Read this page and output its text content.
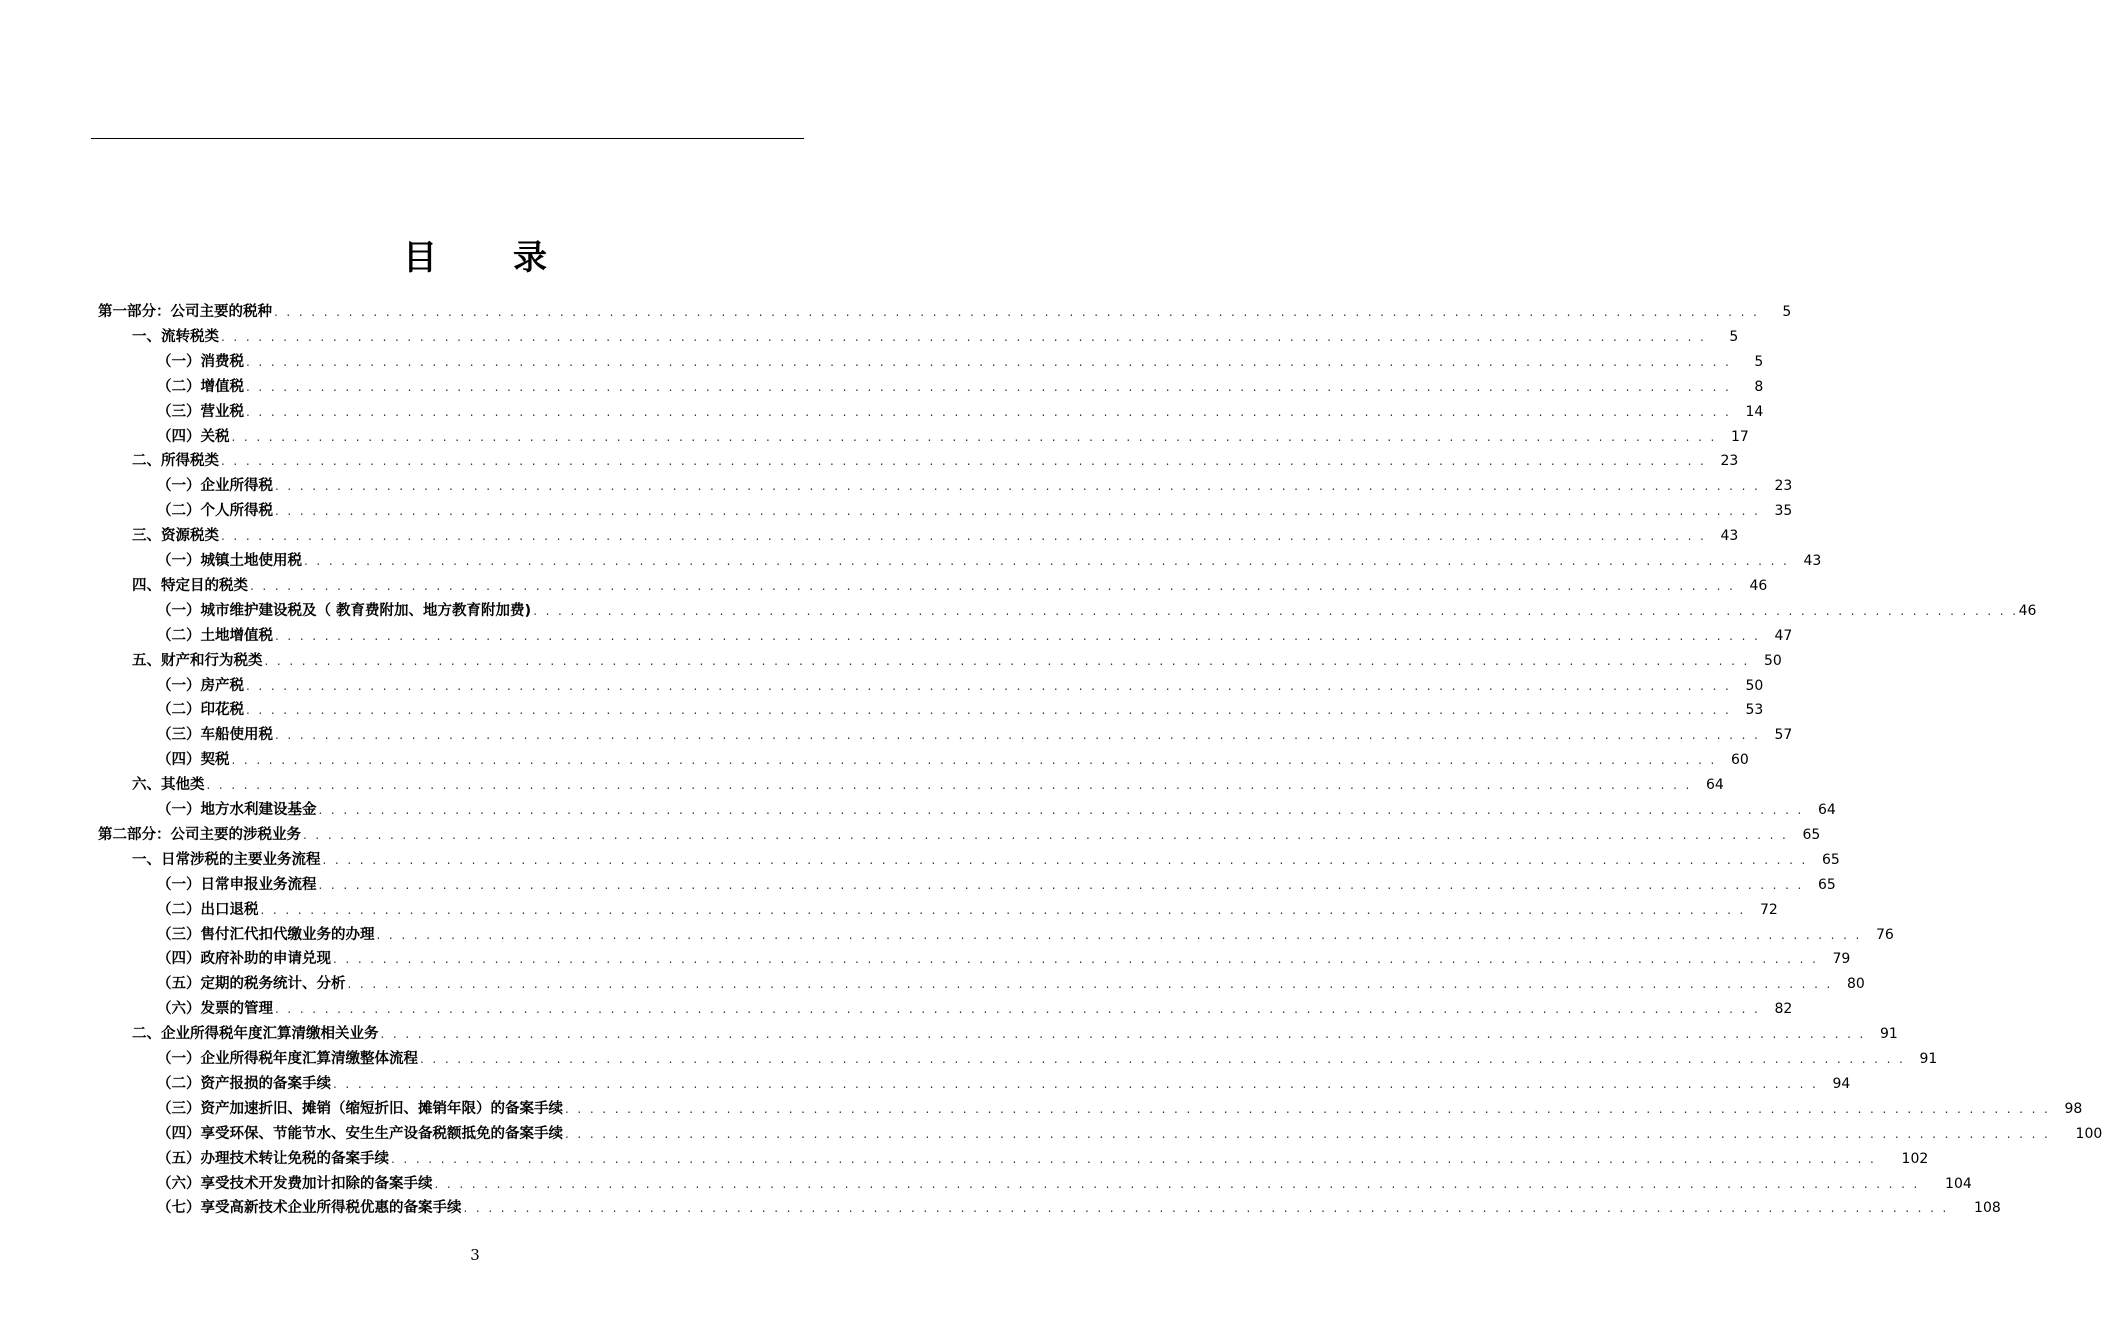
目 录
第一部分：公司主要的税种 . . . . . . . . . . . . . . . . . . . . . . . . . . . . . . . . . . . . . . . . . . . . . . . . . . . . . . . . . . . . . . . . . . . . . . . . . . . . . . . . . . . . . . . . . . . . . . . . . . . . . . . . . . . . . . . . . . . . . . . .	5
一、流转税类 . . . . . . . . . . . . . . . . . . . . . . . . . . . . . . . . . . . . . . . . . . . . . . . . . . . . . . . . . . . . . . . . . . . . . . . . . . . . . . . . . . . . . . . . . . . . . . . . . . . . . . . . . . . . . . . . . . . . . . . .	5
（一）消费税 . . . . . . . . . . . . . . . . . . . . . . . . . . . . . . . . . . . . . . . . . . . . . . . . . . . . . . . . . . . . . . . . . . . . . . . . . . . . . . . . . . . . . . . . . . . . . . . . . . . . . . . . . . . . . . . . . . . . . . . .	5
（二）增值税 . . . . . . . . . . . . . . . . . . . . . . . . . . . . . . . . . . . . . . . . . . . . . . . . . . . . . . . . . . . . . . . . . . . . . . . . . . . . . . . . . . . . . . . . . . . . . . . . . . . . . . . . . . . . . . . . . . . . . . . .	8
（三）营业税 . . . . . . . . . . . . . . . . . . . . . . . . . . . . . . . . . . . . . . . . . . . . . . . . . . . . . . . . . . . . . . . . . . . . . . . . . . . . . . . . . . . . . . . . . . . . . . . . . . . . . . . . . . . . . . . . . . . . . . . .	14
（四）关税 . . . . . . . . . . . . . . . . . . . . . . . . . . . . . . . . . . . . . . . . . . . . . . . . . . . . . . . . . . . . . . . . . . . . . . . . . . . . . . . . . . . . . . . . . . . . . . . . . . . . . . . . . . . . . . . . . . . . . . . .	17
二、所得税类 . . . . . . . . . . . . . . . . . . . . . . . . . . . . . . . . . . . . . . . . . . . . . . . . . . . . . . . . . . . . . . . . . . . . . . . . . . . . . . . . . . . . . . . . . . . . . . . . . . . . . . . . . . . . . . . . . . . . . . . .	23
（一）企业所得税 . . . . . . . . . . . . . . . . . . . . . . . . . . . . . . . . . . . . . . . . . . . . . . . . . . . . . . . . . . . . . . . . . . . . . . . . . . . . . . . . . . . . . . . . . . . . . . . . . . . . . . . . . . . . . . . . . . . . . . . .	23
（二）个人所得税 . . . . . . . . . . . . . . . . . . . . . . . . . . . . . . . . . . . . . . . . . . . . . . . . . . . . . . . . . . . . . . . . . . . . . . . . . . . . . . . . . . . . . . . . . . . . . . . . . . . . . . . . . . . . . . . . . . . . . . . .	35
三、资源税类 . . . . . . . . . . . . . . . . . . . . . . . . . . . . . . . . . . . . . . . . . . . . . . . . . . . . . . . . . . . . . . . . . . . . . . . . . . . . . . . . . . . . . . . . . . . . . . . . . . . . . . . . . . . . . . . . . . . . . . . .	43
（一）城镇土地使用税 . . . . . . . . . . . . . . . . . . . . . . . . . . . . . . . . . . . . . . . . . . . . . . . . . . . . . . . . . . . . . . . . . . . . . . . . . . . . . . . . . . . . . . . . . . . . . . . . . . . . . . . . . . . . . . . . . . . . . . . .	43
四、特定目的税类 . . . . . . . . . . . . . . . . . . . . . . . . . . . . . . . . . . . . . . . . . . . . . . . . . . . . . . . . . . . . . . . . . . . . . . . . . . . . . . . . . . . . . . . . . . . . . . . . . . . . . . . . . . . . . . . . . . . . . . . .	46
（一）城市维护建设税及（ 教育费附加、地方教育附加费) . . . . . . . . . . . . . . . . . . . . . . . . . . . . . . . . . . . . . . . . . . . . . . . . . . . . . . . . . . . . . . . . . . . . . . . . . . . . . . . . . . . . . . . . . . . . . . . . . . . . . . . . . . . . . . . . . . . . . . . . 46
（二）土地增值税 . . . . . . . . . . . . . . . . . . . . . . . . . . . . . . . . . . . . . . . . . . . . . . . . . . . . . . . . . . . . . . . . . . . . . . . . . . . . . . . . . . . . . . . . . . . . . . . . . . . . . . . . . . . . . . . . . . . . . . . .	47
五、财产和行为税类 . . . . . . . . . . . . . . . . . . . . . . . . . . . . . . . . . . . . . . . . . . . . . . . . . . . . . . . . . . . . . . . . . . . . . . . . . . . . . . . . . . . . . . . . . . . . . . . . . . . . . . . . . . . . . . . . . . . . . . . .	50
（一）房产税 . . . . . . . . . . . . . . . . . . . . . . . . . . . . . . . . . . . . . . . . . . . . . . . . . . . . . . . . . . . . . . . . . . . . . . . . . . . . . . . . . . . . . . . . . . . . . . . . . . . . . . . . . . . . . . . . . . . . . . . .	50
（二）印花税 . . . . . . . . . . . . . . . . . . . . . . . . . . . . . . . . . . . . . . . . . . . . . . . . . . . . . . . . . . . . . . . . . . . . . . . . . . . . . . . . . . . . . . . . . . . . . . . . . . . . . . . . . . . . . . . . . . . . . . . .	53
（三）车船使用税 . . . . . . . . . . . . . . . . . . . . . . . . . . . . . . . . . . . . . . . . . . . . . . . . . . . . . . . . . . . . . . . . . . . . . . . . . . . . . . . . . . . . . . . . . . . . . . . . . . . . . . . . . . . . . . . . . . . . . . . .	57
（四）契税 . . . . . . . . . . . . . . . . . . . . . . . . . . . . . . . . . . . . . . . . . . . . . . . . . . . . . . . . . . . . . . . . . . . . . . . . . . . . . . . . . . . . . . . . . . . . . . . . . . . . . . . . . . . . . . . . . . . . . . . .	60
六、其他类 . . . . . . . . . . . . . . . . . . . . . . . . . . . . . . . . . . . . . . . . . . . . . . . . . . . . . . . . . . . . . . . . . . . . . . . . . . . . . . . . . . . . . . . . . . . . . . . . . . . . . . . . . . . . . . . . . . . . . . . .	64
（一）地方水利建设基金 . . . . . . . . . . . . . . . . . . . . . . . . . . . . . . . . . . . . . . . . . . . . . . . . . . . . . . . . . . . . . . . . . . . . . . . . . . . . . . . . . . . . . . . . . . . . . . . . . . . . . . . . . . . . . . . . . . . . . . . .	64
第二部分：公司主要的涉税业务 . . . . . . . . . . . . . . . . . . . . . . . . . . . . . . . . . . . . . . . . . . . . . . . . . . . . . . . . . . . . . . . . . . . . . . . . . . . . . . . . . . . . . . . . . . . . . . . . . . . . . . . . . . . . . . . . . . . . . . . .	65
一、日常涉税的主要业务流程 . . . . . . . . . . . . . . . . . . . . . . . . . . . . . . . . . . . . . . . . . . . . . . . . . . . . . . . . . . . . . . . . . . . . . . . . . . . . . . . . . . . . . . . . . . . . . . . . . . . . . . . . . . . . . . . . . . . . . . . .	65
（一）日常申报业务流程 . . . . . . . . . . . . . . . . . . . . . . . . . . . . . . . . . . . . . . . . . . . . . . . . . . . . . . . . . . . . . . . . . . . . . . . . . . . . . . . . . . . . . . . . . . . . . . . . . . . . . . . . . . . . . . . . . . . . . . . .	65
（二）出口退税 . . . . . . . . . . . . . . . . . . . . . . . . . . . . . . . . . . . . . . . . . . . . . . . . . . . . . . . . . . . . . . . . . . . . . . . . . . . . . . . . . . . . . . . . . . . . . . . . . . . . . . . . . . . . . . . . . . . . . . . .	72
（三）售付汇代扣代缴业务的办理 . . . . . . . . . . . . . . . . . . . . . . . . . . . . . . . . . . . . . . . . . . . . . . . . . . . . . . . . . . . . . . . . . . . . . . . . . . . . . . . . . . . . . . . . . . . . . . . . . . . . . . . . . . . . . . . . . . . . . . . .	76
（四）政府补助的申请兑现 . . . . . . . . . . . . . . . . . . . . . . . . . . . . . . . . . . . . . . . . . . . . . . . . . . . . . . . . . . . . . . . . . . . . . . . . . . . . . . . . . . . . . . . . . . . . . . . . . . . . . . . . . . . . . . . . . . . . . . . .	79
（五）定期的税务统计、分析 . . . . . . . . . . . . . . . . . . . . . . . . . . . . . . . . . . . . . . . . . . . . . . . . . . . . . . . . . . . . . . . . . . . . . . . . . . . . . . . . . . . . . . . . . . . . . . . . . . . . . . . . . . . . . . . . . . . . . . . .	80
（六）发票的管理 . . . . . . . . . . . . . . . . . . . . . . . . . . . . . . . . . . . . . . . . . . . . . . . . . . . . . . . . . . . . . . . . . . . . . . . . . . . . . . . . . . . . . . . . . . . . . . . . . . . . . . . . . . . . . . . . . . . . . . . .	82
二、企业所得税年度汇算清缴相关业务 . . . . . . . . . . . . . . . . . . . . . . . . . . . . . . . . . . . . . . . . . . . . . . . . . . . . . . . . . . . . . . . . . . . . . . . . . . . . . . . . . . . . . . . . . . . . . . . . . . . . . . . . . . . . . . . . . . . . . . . .	91
（一）企业所得税年度汇算清缴整体流程 . . . . . . . . . . . . . . . . . . . . . . . . . . . . . . . . . . . . . . . . . . . . . . . . . . . . . . . . . . . . . . . . . . . . . . . . . . . . . . . . . . . . . . . . . . . . . . . . . . . . . . . . . . . . . . . . . . . . . . . .	91
（二）资产报损的备案手续 . . . . . . . . . . . . . . . . . . . . . . . . . . . . . . . . . . . . . . . . . . . . . . . . . . . . . . . . . . . . . . . . . . . . . . . . . . . . . . . . . . . . . . . . . . . . . . . . . . . . . . . . . . . . . . . . . . . . . . . .	94
（三）资产加速折旧、摊销（缩短折旧、摊销年限）的备案手续 . . . . . . . . . . . . . . . . . . . . . . . . . . . . . . . . . . . . . . . . . . . . . . . . . . . . . . . . . . . . . . . . . . . . . . . . . . . . . . . . . . . . . . . . . . . . . . . . . . . . . . . . . . . . . . . . . . . . . . . .	98
（四）享受环保、节能节水、安生生产设备税额抵免的备案手续 . . . . . . . . . . . . . . . . . . . . . . . . . . . . . . . . . . . . . . . . . . . . . . . . . . . . . . . . . . . . . . . . . . . . . . . . . . . . . . . . . . . . . . . . . . . . . . . . . . . . . . . . . . . . . . . . . . . . . . . . 100
（五）办理技术转让免税的备案手续 . . . . . . . . . . . . . . . . . . . . . . . . . . . . . . . . . . . . . . . . . . . . . . . . . . . . . . . . . . . . . . . . . . . . . . . . . . . . . . . . . . . . . . . . . . . . . . . . . . . . . . . . . . . . . . . . . . . . . . . . 102
（六）享受技术开发费加计扣除的备案手续 . . . . . . . . . . . . . . . . . . . . . . . . . . . . . . . . . . . . . . . . . . . . . . . . . . . . . . . . . . . . . . . . . . . . . . . . . . . . . . . . . . . . . . . . . . . . . . . . . . . . . . . . . . . . . . . . . . . . . . . . 104
（七）享受高新技术企业所得税优惠的备案手续 . . . . . . . . . . . . . . . . . . . . . . . . . . . . . . . . . . . . . . . . . . . . . . . . . . . . . . . . . . . . . . . . . . . . . . . . . . . . . . . . . . . . . . . . . . . . . . . . . . . . . . . . . . . . . . . . . . . . . . . . 108
3
